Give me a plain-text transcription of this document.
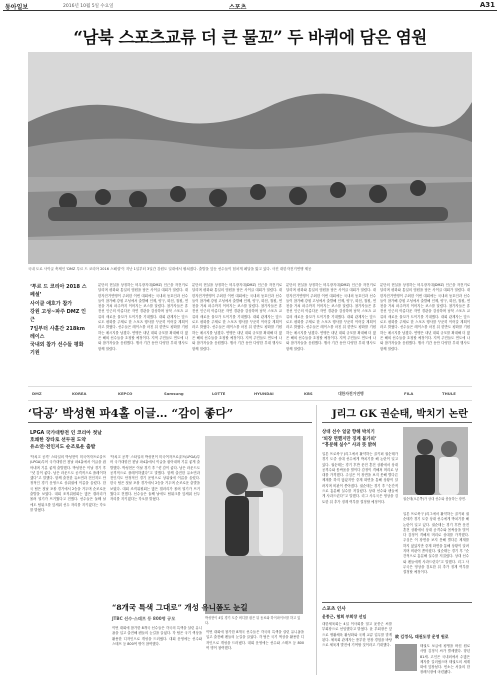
동아일보	2016년 10월 5일 수요일	스포츠	A31
“남북 스포츠교류 더 큰 물꼬” 두 바퀴에 담은 염원
국내 도로 사이클 축제인 'DMZ 투르 드 코리아 2016 스페셜'이 지난 1일부터 3일간 강원도 일대에서 펼쳐졌다. 출발을 앞둔 선수들이 힘차게 페달을 밟고 있다. 사진 대한자전거연맹 제공
‘투르 드 코리아 2018 스페셜’
사이클 애호가 참가
강원 고성~파주 DMZ 인근
7일부터 사흘간 218km 레이스
국내외 참가 선수들 평화 기원
분단의 현실을 상징하는 비무장지대(DMZ) 인근을 자전거로 달리며 평화와 통일의 염원을 담은 사이클 대회가 열렸다. 대한자전거연맹이 주최한 이번 대회에는 국내외 동호인과 선수들이 참가해 강원 고성에서 출발해 인제, 양구, 화천, 철원, 연천을 거쳐 파주까지 이어지는 코스를 달렸다. 참가자들은 휴전선 인근의 아름다운 자연 경관을 감상하며 남북 스포츠 교류의 새로운 물꼬가 트이기를 기대했다. 대회 관계자는 앞으로도 평화를 주제로 한 스포츠 행사를 꾸준히 이어갈 계획이라고 밝혔다. 선수들은 레이스를 마친 뒤 한반도 평화를 기원하는 메시지를 남겼다. 연맹은 내년 대회 규모를 확대해 더 많은 해외 선수들을 초청할 예정이다. 지역 주민들도 연도에 나와 참가자들을 응원했다. 행사 기간 동안 다양한 부대 행사도 함께 열렸다.
분단의 현실을 상징하는 비무장지대(DMZ) 인근을 자전거로 달리며 평화와 통일의 염원을 담은 사이클 대회가 열렸다. 대한자전거연맹이 주최한 이번 대회에는 국내외 동호인과 선수들이 참가해 강원 고성에서 출발해 인제, 양구, 화천, 철원, 연천을 거쳐 파주까지 이어지는 코스를 달렸다. 참가자들은 휴전선 인근의 아름다운 자연 경관을 감상하며 남북 스포츠 교류의 새로운 물꼬가 트이기를 기대했다. 대회 관계자는 앞으로도 평화를 주제로 한 스포츠 행사를 꾸준히 이어갈 계획이라고 밝혔다. 선수들은 레이스를 마친 뒤 한반도 평화를 기원하는 메시지를 남겼다. 연맹은 내년 대회 규모를 확대해 더 많은 해외 선수들을 초청할 예정이다. 지역 주민들도 연도에 나와 참가자들을 응원했다. 행사 기간 동안 다양한 부대 행사도 함께 열렸다.
분단의 현실을 상징하는 비무장지대(DMZ) 인근을 자전거로 달리며 평화와 통일의 염원을 담은 사이클 대회가 열렸다. 대한자전거연맹이 주최한 이번 대회에는 국내외 동호인과 선수들이 참가해 강원 고성에서 출발해 인제, 양구, 화천, 철원, 연천을 거쳐 파주까지 이어지는 코스를 달렸다. 참가자들은 휴전선 인근의 아름다운 자연 경관을 감상하며 남북 스포츠 교류의 새로운 물꼬가 트이기를 기대했다. 대회 관계자는 앞으로도 평화를 주제로 한 스포츠 행사를 꾸준히 이어갈 계획이라고 밝혔다. 선수들은 레이스를 마친 뒤 한반도 평화를 기원하는 메시지를 남겼다. 연맹은 내년 대회 규모를 확대해 더 많은 해외 선수들을 초청할 예정이다. 지역 주민들도 연도에 나와 참가자들을 응원했다. 행사 기간 동안 다양한 부대 행사도 함께 열렸다.
분단의 현실을 상징하는 비무장지대(DMZ) 인근을 자전거로 달리며 평화와 통일의 염원을 담은 사이클 대회가 열렸다. 대한자전거연맹이 주최한 이번 대회에는 국내외 동호인과 선수들이 참가해 강원 고성에서 출발해 인제, 양구, 화천, 철원, 연천을 거쳐 파주까지 이어지는 코스를 달렸다. 참가자들은 휴전선 인근의 아름다운 자연 경관을 감상하며 남북 스포츠 교류의 새로운 물꼬가 트이기를 기대했다. 대회 관계자는 앞으로도 평화를 주제로 한 스포츠 행사를 꾸준히 이어갈 계획이라고 밝혔다. 선수들은 레이스를 마친 뒤 한반도 평화를 기원하는 메시지를 남겼다. 연맹은 내년 대회 규모를 확대해 더 많은 해외 선수들을 초청할 예정이다. 지역 주민들도 연도에 나와 참가자들을 응원했다. 행사 기간 동안 다양한 부대 행사도 함께 열렸다.
DMZ	KOREA	KEPCO	Samsung	LOTTE	HYUNDAI	KBS	대한자전거연맹	FILA	THULE
‘닥공’ 박성현 파4홀 이글… “감이 좋다”	J리그 GK 권순태, 박치기 논란
LPGA 국가대항전 인 코리아 첫날
호쾌한 장타로 선두권 도약
유소연·전인지도 순조로운 출발
'닥치고 공격' 스타일의 박성현이 미국여자프로골프(LPGA)투어 국가대항전 첫날 파4홀에서 이글을 잡아내며 기분 좋게 출발했다. 박성현은 이날 경기 후 “샷 감이 좋다. 남은 라운드도 공격적으로 플레이하겠다”고 말했다. 함께 출전한 유소연과 전인지도 안정적인 경기 운영으로 상위권에 이름을 올렸다. 한국 팀은 첫날 포볼 경기에서 2승을 거두며 순조로운 출발을 보였다. 대회 조직위원회는 많은 갤러리가 몰려 열기가 뜨거웠다고 전했다. 선수들은 둘째 날에도 팀워크를 앞세워 선두 자리를 지키겠다는 각오를 밝혔다.
'닥치고 공격' 스타일의 박성현이 미국여자프로골프(LPGA)투어 국가대항전 첫날 파4홀에서 이글을 잡아내며 기분 좋게 출발했다. 박성현은 이날 경기 후 “샷 감이 좋다. 남은 라운드도 공격적으로 플레이하겠다”고 말했다. 함께 출전한 유소연과 전인지도 안정적인 경기 운영으로 상위권에 이름을 올렸다. 한국 팀은 첫날 포볼 경기에서 2승을 거두며 순조로운 출발을 보였다. 대회 조직위원회는 많은 갤러리가 몰려 열기가 뜨거웠다고 전했다. 선수들은 둘째 날에도 팀워크를 앞세워 선두 자리를 지키겠다는 각오를 밝혔다.
박성현이 4일 경기 도중 버디를 잡은 뒤 동료와 하이파이브를 하고 있다.
“8개국 특색 그대로” 개성 유니폼도 눈길
JTBC 선수·스태프 등 800명 규모
이번 대회에 참가한 8개국 선수들은 각국의 특색을 살린 유니폼을 입고 출전해 팬들의 눈길을 끌었다. 각 팀은 국기 색상을 활용한 디자인으로 개성을 드러냈다. 대회 운영에는 선수와 스태프 등 800여 명이 참여했다.
이번 대회에 참가한 8개국 선수들은 각국의 특색을 살린 유니폼을 입고 출전해 팬들의 눈길을 끌었다. 각 팀은 국기 색상을 활용한 디자인으로 개성을 드러냈다. 대회 운영에는 선수와 스태프 등 800여 명이 참여했다.
상대 선수 얼굴 향해 박치기
‘퇴장 면했지만 징계 불가피’
“흥분해 실수” 사과 뜻 밝혀
권순태(오른쪽)가 상대 선수와 충돌하는 장면.
일본 프로축구 J리그에서 활약하는 골키퍼 권순태가 경기 도중 상대 선수에게 박치기를 해 논란이 일고 있다. 권순태는 경기 후반 문전 혼전 상황에서 상대 공격수와 몸싸움을 벌이다 감정이 격해져 머리로 상대를 가격했다. 주심은 이 장면을 보지 못해 별다른 제재를 하지 않았지만 중계 화면을 통해 상황이 알려지며 비판이 쏟아졌다. 권순태는 경기 후 “순간적으로 흥분해 실수를 저질렀다. 상대 선수와 팬들에게 사과드린다”고 말했다. 리그 사무국은 영상을 검토한 뒤 추가 징계 여부를 결정할 예정이다.
일본 프로축구 J리그에서 활약하는 골키퍼 권순태가 경기 도중 상대 선수에게 박치기를 해 논란이 일고 있다. 권순태는 경기 후반 문전 혼전 상황에서 상대 공격수와 몸싸움을 벌이다 감정이 격해져 머리로 상대를 가격했다. 주심은 이 장면을 보지 못해 별다른 제재를 하지 않았지만 중계 화면을 통해 상황이 알려지며 비판이 쏟아졌다. 권순태는 경기 후 “순간적으로 흥분해 실수를 저질렀다. 상대 선수와 팬들에게 사과드린다”고 말했다. 리그 사무국은 영상을 검토한 뒤 추가 징계 여부를 결정할 예정이다.
스포츠 인사
윤종근, 협회 부회장 선임
대한체육회는 4일 이사회를 열고 윤종근 씨를 부회장으로 선임했다고 밝혔다. 윤 부회장은 앞으로 생활체육 활성화와 국제 교류 업무를 맡게 된다. 체육회 관계자는 풍부한 현장 경험을 바탕으로 체육계 발전에 기여할 것이라고 기대했다.
故 김정식, 태권도장 운영 원로
태권도 보급에 평생을 바친 원로 사범 김정식 씨가 별세했다. 향년 81세. 고인은 국내외에서 수많은 제자를 길러냈으며 태권도의 세계화에 앞장섰다. 빈소는 서울의 한 장례식장에 마련됐다.
